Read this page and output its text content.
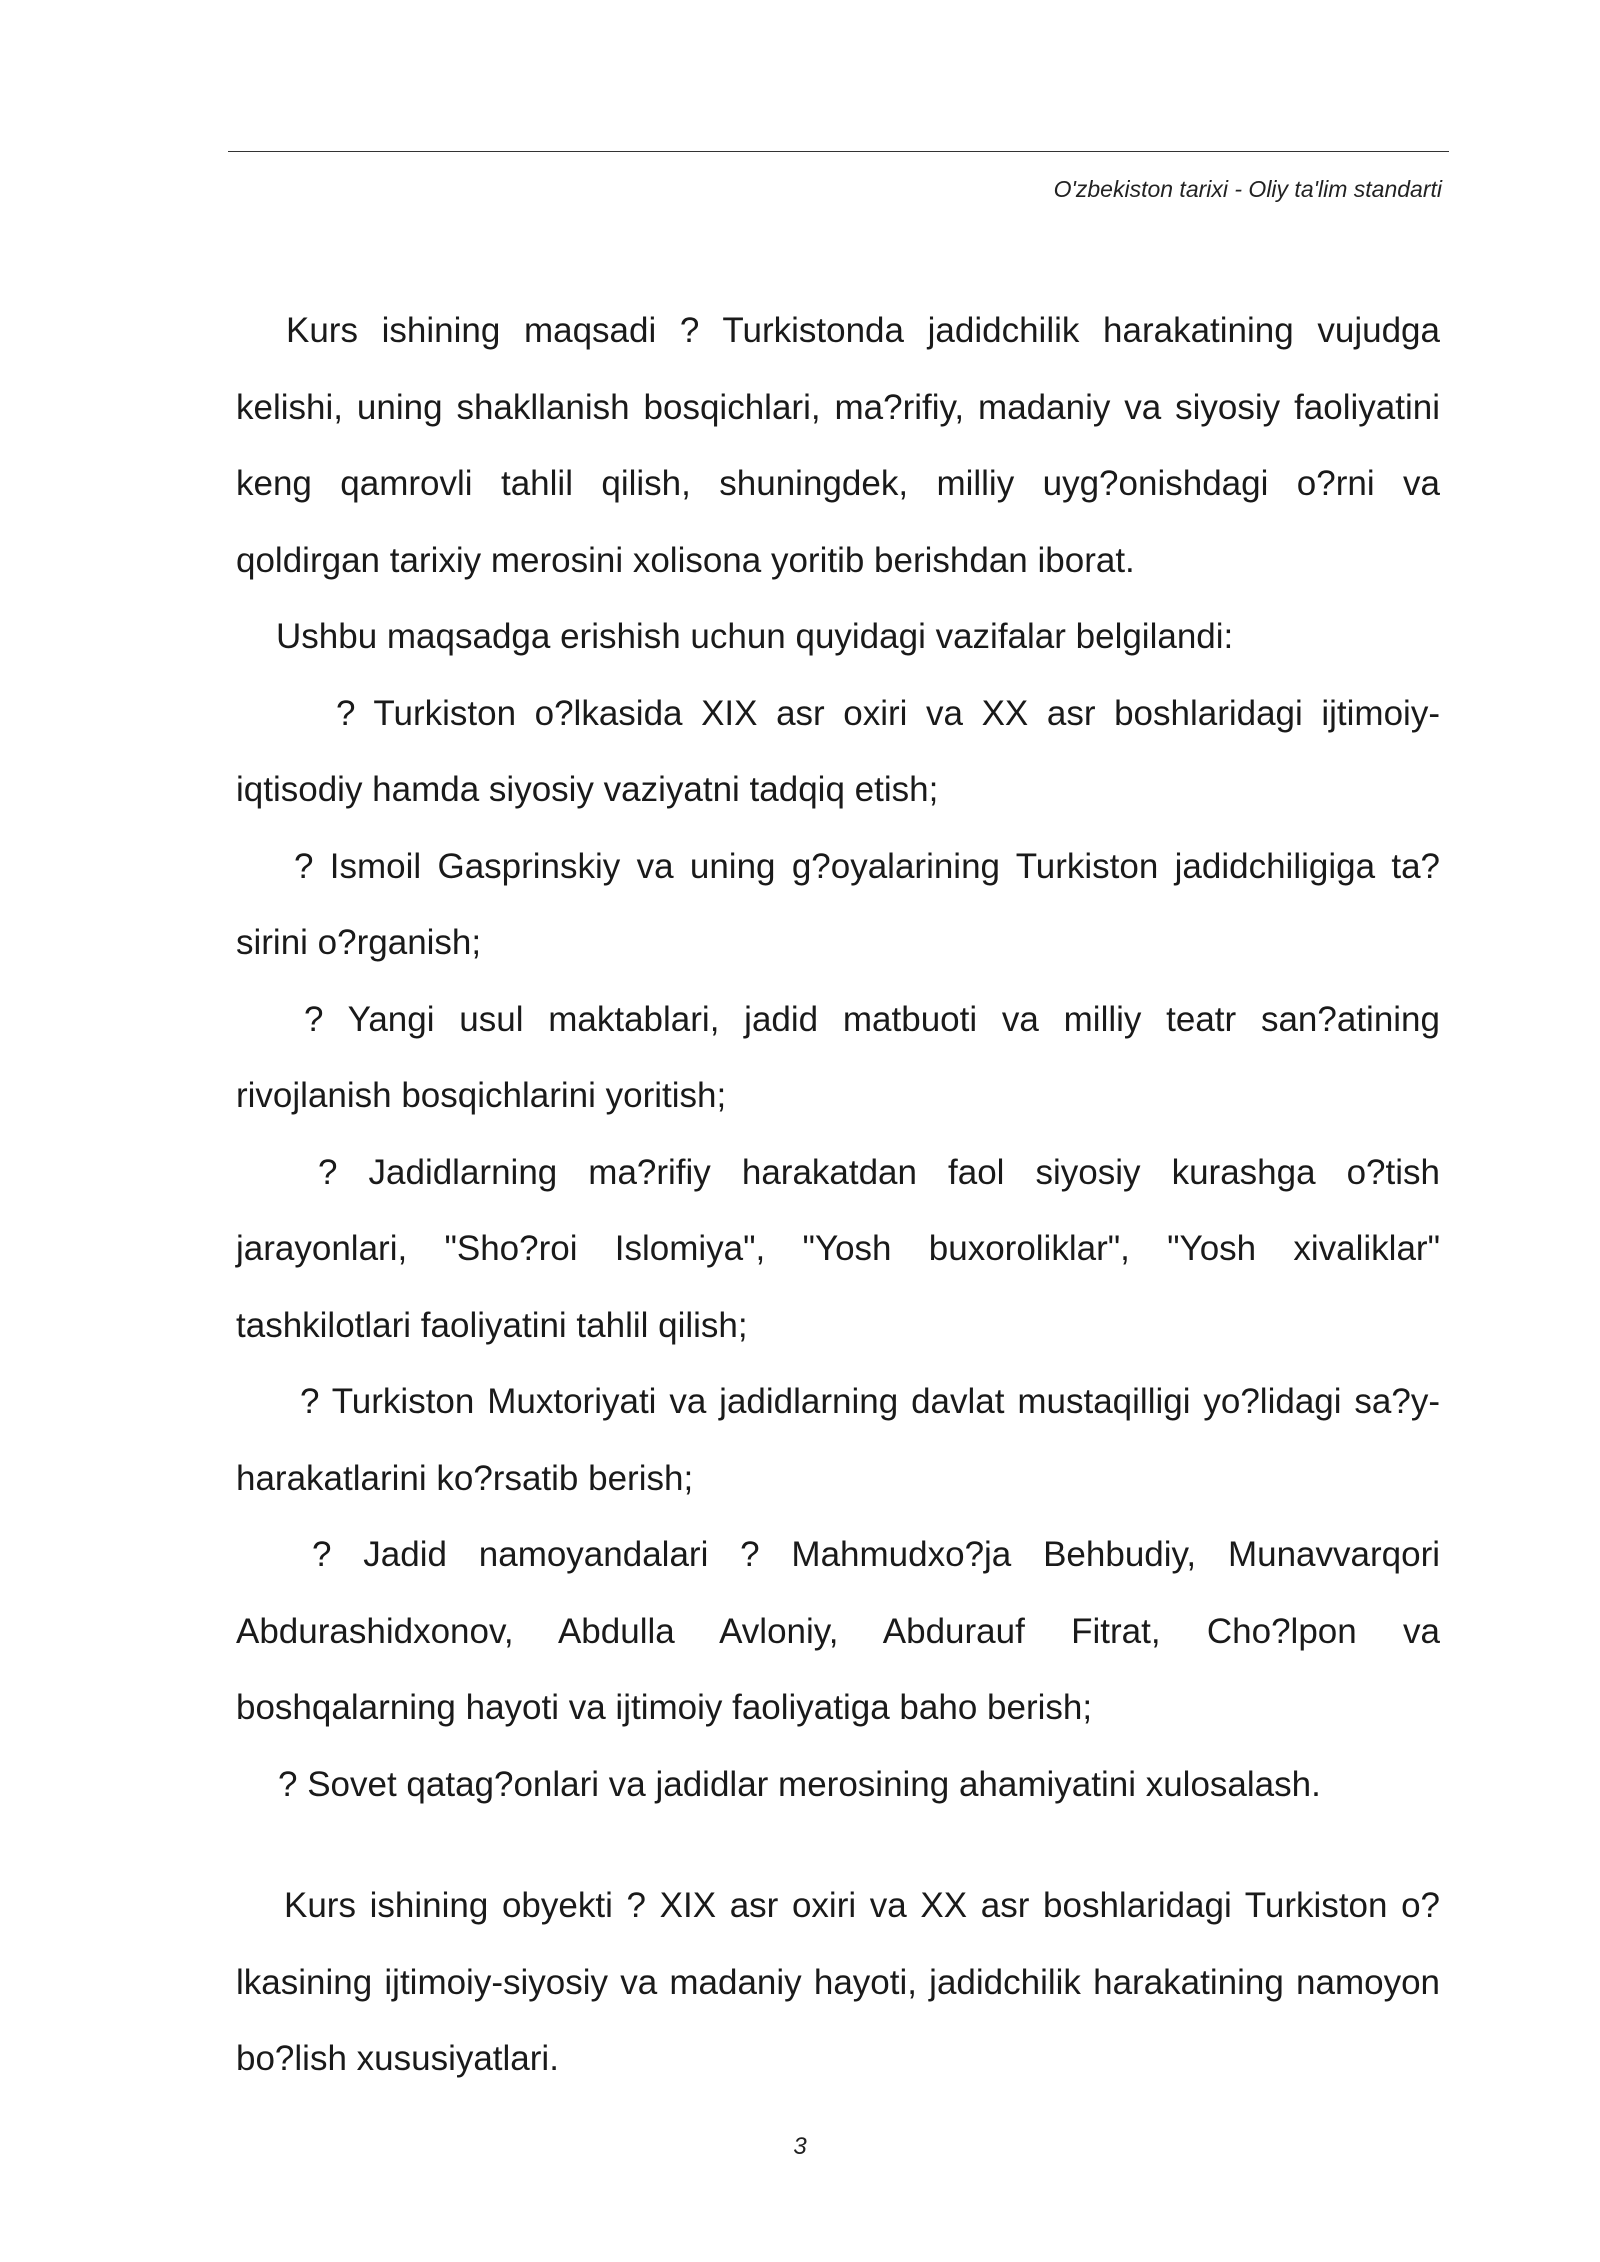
O'zbekiston tarixi - Oliy ta'lim standarti

Kurs ishining maqsadi ? Turkistonda jadidchilik harakatining vujudga kelishi, uning shakllanish bosqichlari, ma?rifiy, madaniy va siyosiy faoliyatini keng qamrovli tahlil qilish, shuningdek, milliy uyg?onishdagi o?rni va qoldirgan tarixiy merosini xolisona yoritib berishdan iborat.

Ushbu maqsadga erishish uchun quyidagi vazifalar belgilandi:

? Turkiston o?lkasida XIX asr oxiri va XX asr boshlaridagi ijtimoiy-iqtisodiy hamda siyosiy vaziyatni tadqiq etish;

? Ismoil Gasprinskiy va uning g?oyalarining Turkiston jadidchiligiga ta?sirini o?rganish;

? Yangi usul maktablari, jadid matbuoti va milliy teatr san?atining rivojlanish bosqichlarini yoritish;

? Jadidlarning ma?rifiy harakatdan faol siyosiy kurashga o?tish jarayonlari, "Sho?roi Islomiya", "Yosh buxoroliklar", "Yosh xivaliklar" tashkilotlari faoliyatini tahlil qilish;

? Turkiston Muxtoriyati va jadidlarning davlat mustaqilligi yo?lidagi sa?y-harakatlarini ko?rsatib berish;

? Jadid namoyandalari ? Mahmudxo?ja Behbudiy, Munavvarqori Abdurashidxonov, Abdulla Avloniy, Abdurauf Fitrat, Cho?lpon va boshqalarning hayoti va ijtimoiy faoliyatiga baho berish;

? Sovet qatag?onlari va jadidlar merosining ahamiyatini xulosalash.

Kurs ishining obyekti ? XIX asr oxiri va XX asr boshlaridagi Turkiston o?lkasining ijtimoiy-siyosiy va madaniy hayoti, jadidchilik harakatining namoyon bo?lish xususiyatlari.

3
